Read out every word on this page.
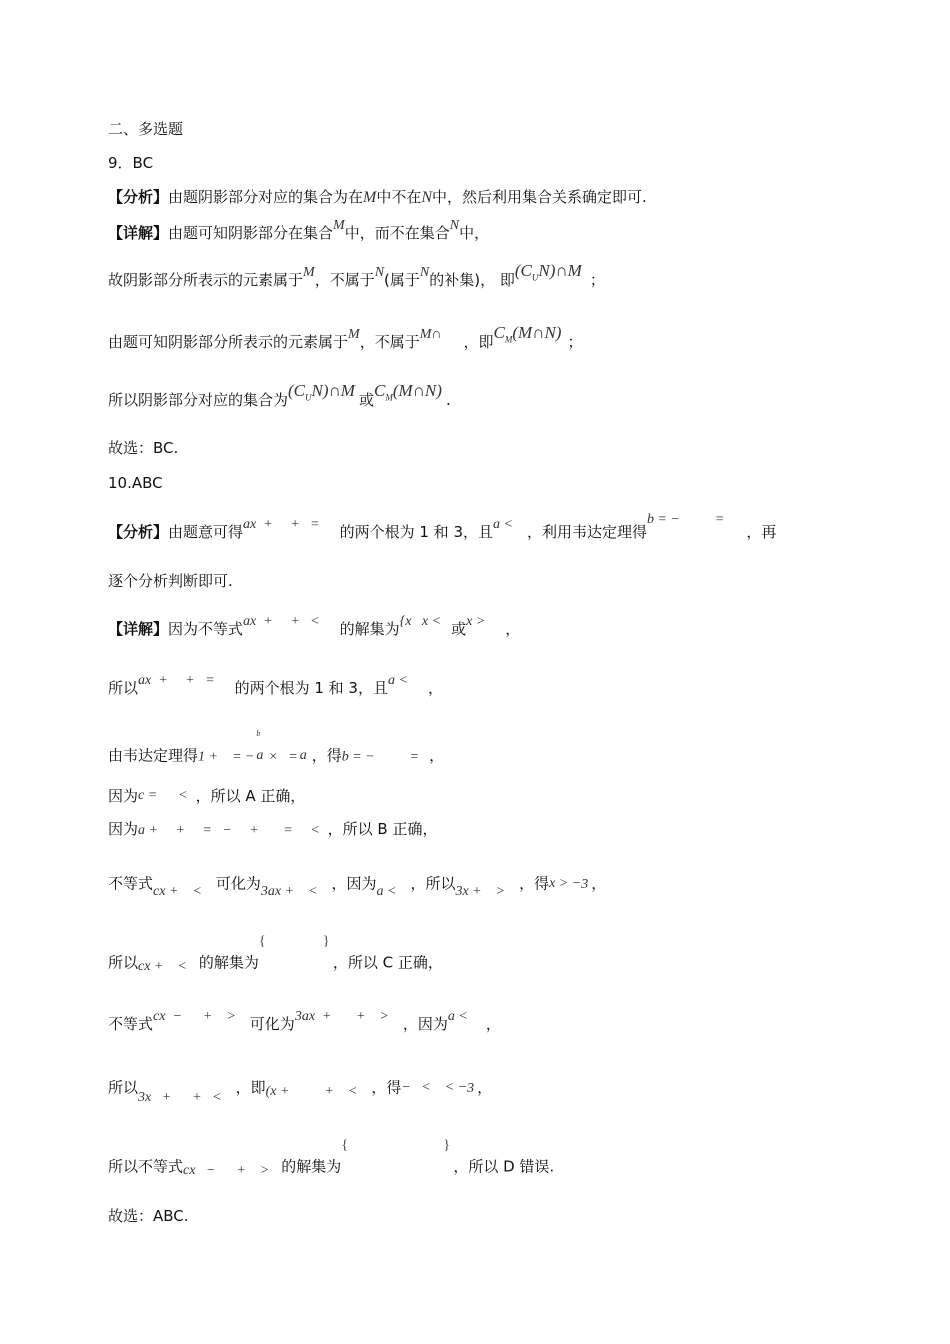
二、多选题
9．BC
【分析】由题阴影部分对应的集合为在M中不在N中，然后利用集合关系确定即可.
【详解】由题可知阴影部分在集合M中，而不在集合N中，
故阴影部分所表示的元素属于M，不属于N(属于N的补集)， 即$(C_UN)\cap M$ ；
由题可知阴影部分所表示的元素属于M，不属于M∩ ，即$C_M(M\cap N)$ ；
所以阴影部分对应的集合为$(C_UN)\cap M$ 或$C_M(M\cap N)$ .
故选：BC.
10.ABC
【分析】由题意可得ax  +     +   = 的两个根为 1 和 3，且a < ，利用韦达定理得b = −          =，再
逐个分析判断即可.
【详解】因为不等式ax  +     +   < 的解集为{x   x < 或x > ，
所以ax  +     +   = 的两个根为 1 和 3，且a < ，
由韦达定理得1 +    = −
b
a ×   = a ，得b = −          = ，
因为c =      < ，所以 A 正确，
因为a +     +     =   −     +       =     < ，所以 B 正确，
不等式cx +    < 可化为3ax +    < ，因为a < ，所以3x +    > ，得x > − 3 ，
所以cx +    < 的解集为
{	}
，所以 C 正确，
不等式cx  −      +    > 可化为3ax  +       +    > ，因为a < ，
所以3x   +      +   <，即(x +          +    < ，得−   <    < − 3 ，
所以不等式cx   −      +    > 的解集为
{	}
，所以 D 错误.
故选：ABC.
